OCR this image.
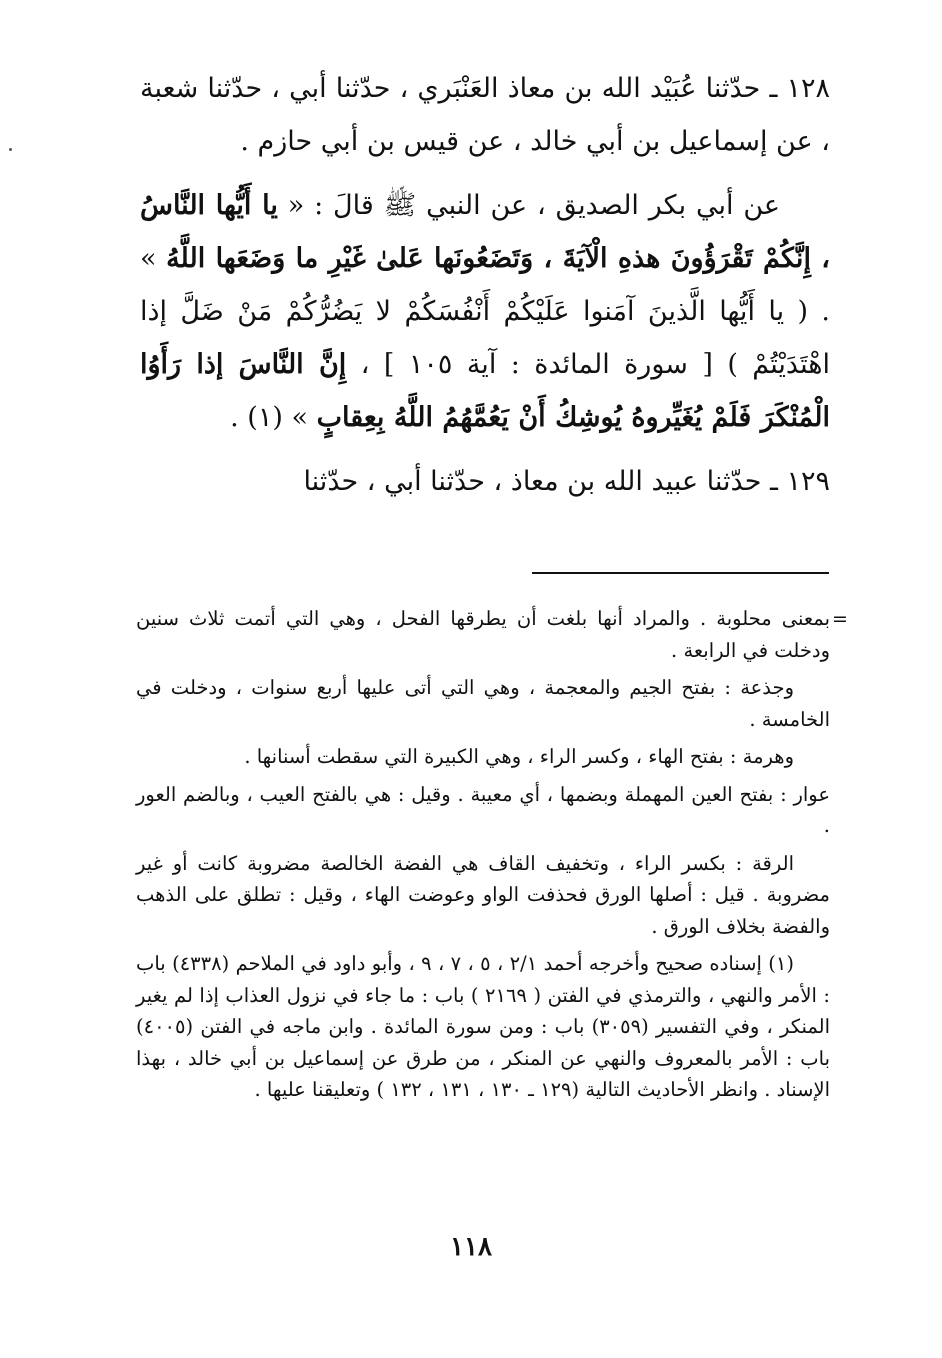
١٢٨ ـ حدّثنا عُبَيْد الله بن معاذ العَنْبَري ، حدّثنا أبي ، حدّثنا شعبة ، عن إسماعيل بن أبي خالد ، عن قيس بن أبي حازم .

عن أبي بكر الصديق ، عن النبي ﷺ قالَ : « يا أَيُّها النَّاسُ ، إِنَّكُمْ تَقْرَؤُونَ هذهِ الْآيَةَ ، وَتَضَعُونَها عَلىٰ غَيْرِ ما وَضَعَها اللَّهُ » . ( يا أَيُّها الَّذينَ آمَنوا عَلَيْكُمْ أَنْفُسَكُمْ لا يَضُرُّكُمْ مَنْ ضَلَّ إذا اهْتَدَيْتُمْ ) [ سورة المائدة : آية ١٠٥ ] ، إِنَّ النَّاسَ إذا رَأَوُا الْمُنْكَرَ فَلَمْ يُغَيِّروهُ يُوشِكُ أَنْ يَعُمَّهُمُ اللَّهُ بِعِقابٍ » (١) .

١٢٩ ـ حدّثنا عبيد الله بن معاذ ، حدّثنا أبي ، حدّثنا

=

بمعنى محلوبة . والمراد أنها بلغت أن يطرقها الفحل ، وهي التي أتمت ثلاث سنين ودخلت في الرابعة .

وجذعة : بفتح الجيم والمعجمة ، وهي التي أتى عليها أربع سنوات ، ودخلت في الخامسة .

وهرمة : بفتح الهاء ، وكسر الراء ، وهي الكبيرة التي سقطت أسنانها .

عوار : بفتح العين المهملة وبضمها ، أي معيبة . وقيل : هي بالفتح العيب ، وبالضم العور .

الرقة : بكسر الراء ، وتخفيف القاف هي الفضة الخالصة مضروبة كانت أو غير مضروبة . قيل : أصلها الورق فحذفت الواو وعوضت الهاء ، وقيل : تطلق على الذهب والفضة بخلاف الورق .

(١) إسناده صحيح وأخرجه أحمد ٢/١ ، ٥ ، ٧ ، ٩ ، وأبو داود في الملاحم (٤٣٣٨) باب : الأمر والنهي ، والترمذي في الفتن ( ٢١٦٩ ) باب : ما جاء في نزول العذاب إذا لم يغير المنكر ، وفي التفسير (٣٠٥٩) باب : ومن سورة المائدة . وابن ماجه في الفتن (٤٠٠٥) باب : الأمر بالمعروف والنهي عن المنكر ، من طرق عن إسماعيل بن أبي خالد ، بهذا الإسناد . وانظر الأحاديث التالية (١٢٩ ـ ١٣٠ ، ١٣١ ، ١٣٢ ) وتعليقنا عليها .

١١٨
